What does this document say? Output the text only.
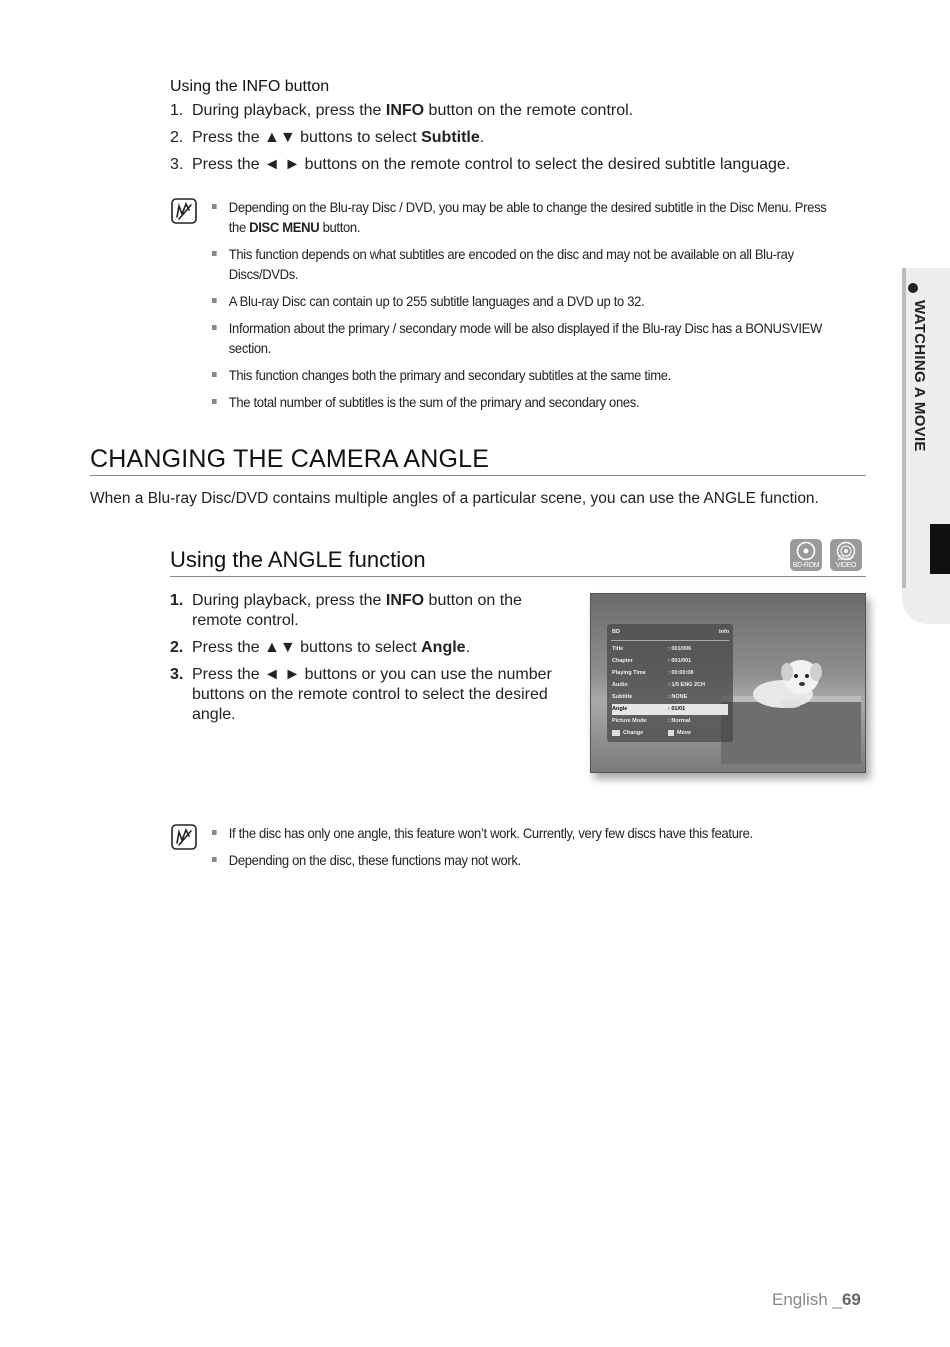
WATCHING A MOVIE
Using the INFO button
1. During playback, press the INFO button on the remote control.
2. Press the ▲▼ buttons to select Subtitle.
3. Press the ◄ ► buttons on the remote control to select the desired subtitle language.
Depending on the Blu-ray Disc / DVD, you may be able to change the desired subtitle in the Disc Menu. Press the DISC MENU button.
This function depends on what subtitles are encoded on the disc and may not be available on all Blu-ray Discs/DVDs.
A Blu-ray Disc can contain up to 255 subtitle languages and a DVD up to 32.
Information about the primary / secondary mode will be also displayed if the Blu-ray Disc has a BONUSVIEW section.
This function changes both the primary and secondary subtitles at the same time.
The total number of subtitles is the sum of the primary and secondary ones.
CHANGING THE CAMERA ANGLE
When a Blu-ray Disc/DVD contains multiple angles of a particular scene, you can use the ANGLE function.
Using the ANGLE function	BD-ROM
DVD-VIDEO
1. During playback, press the INFO button on the remote control.
2. Press the ▲▼ buttons to select Angle.
3. Press the ◄ ► buttons or you can use the number buttons on the remote control to select the desired angle.
BD	Info
Title	: 001/006
Chapter	: 001/001
Playing Time	: 00:00:08
Audio	: 1/5 ENG 2CH
Subtitle	: NONE
Angle	: 01/01
Picture Mode	: Normal
Change	Move
If the disc has only one angle, this feature won’t work. Currently, very few discs have this feature.
Depending on the disc, these functions may not work.
English _69
